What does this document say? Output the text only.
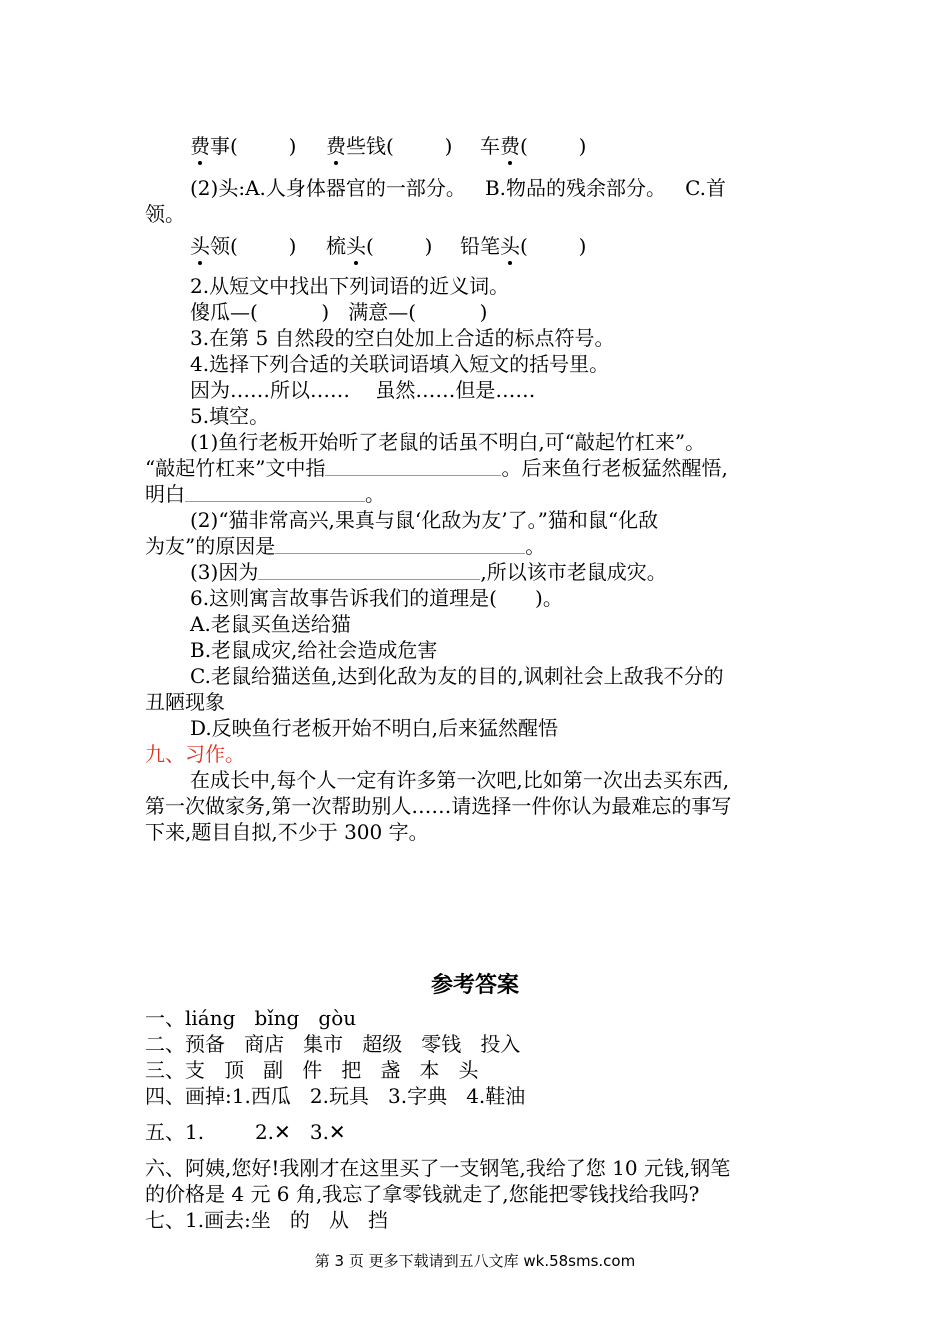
费事(        ) 费些钱(        ) 车费(        )
(2)头:A.人身体器官的一部分。   B.物品的残余部分。   C.首
领。
头领(        ) 梳头(        ) 铅笔头(        )
2.从短文中找出下列词语的近义词。
傻瓜—(          )   满意—(          )
3.在第 5 自然段的空白处加上合适的标点符号。
4.选择下列合适的关联词语填入短文的括号里。
因为……所以……    虽然……但是……
5.填空。
(1)鱼行老板开始听了老鼠的话虽不明白,可“敲起竹杠来”。
“敲起竹杠来”文中指	。后来鱼行老板猛然醒悟,
明白	。
(2)“猫非常高兴,果真与鼠‘化敌为友’了。”猫和鼠“化敌
为友”的原因是	。
(3)因为	,所以该市老鼠成灾。
6.这则寓言故事告诉我们的道理是(      )。
A.老鼠买鱼送给猫
B.老鼠成灾,给社会造成危害
C.老鼠给猫送鱼,达到化敌为友的目的,讽刺社会上敌我不分的
丑陋现象
D.反映鱼行老板开始不明白,后来猛然醒悟
九、习作。
在成长中,每个人一定有许多第一次吧,比如第一次出去买东西,
第一次做家务,第一次帮助别人……请选择一件你认为最难忘的事写
下来,题目自拟,不少于 300 字。
参考答案
一、liáng   bǐng   gòu
二、预备   商店   集市   超级   零钱   投入
三、支   顶   副   件   把   盏   本   头
四、画掉:1.西瓜   2.玩具   3.字典   4.鞋油
五、1.        2.✕   3.✕
六、阿姨,您好!我刚才在这里买了一支钢笔,我给了您 10 元钱,钢笔
的价格是 4 元 6 角,我忘了拿零钱就走了,您能把零钱找给我吗?
七、1.画去:坐   的   从   挡
第 3 页 更多下载请到五八文库 wk.58sms.com
